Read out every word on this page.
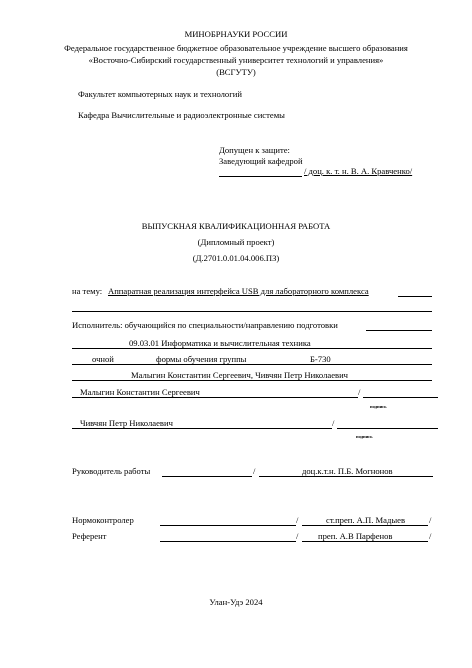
МИНОБРНАУКИ РОССИИ
Федеральное государственное бюджетное образовательное учреждение высшего образования
«Восточно-Сибирский государственный университет технологий и управления»
(ВСГУТУ)
Факультет компьютерных наук и технологий
Кафедра Вычислительные и радиоэлектронные системы
Допущен к защите:
Заведующий кафедрой
/ доц. к. т. н. В. А. Кравченко/
ВЫПУСКНАЯ КВАЛИФИКАЦИОННАЯ РАБОТА
(Дипломный проект)
(Д.2701.0.01.04.006.ПЗ)
на тему: Аппаратная реализация интерфейса USB для лабораторного комплекса
Исполнитель: обучающийся по специальности/направлению подготовки
09.03.01 Информатика и вычислительная техника
очной	формы обучения группы	Б-730
Малыгин Константин Сергеевич, Чивчян Петр Николаевич
Малыгин Константин Сергеевич	/
подпись
Чивчян Петр Николаевич	/
подпись
Руководитель работы	/	доц.к.т.н. П.Б. Могнонов
Нормоконтролер	/	ст.преп. А.П. Мадыев	/
Референт	/ преп. А.В Парфенов	/
Улан-Удэ 2024
